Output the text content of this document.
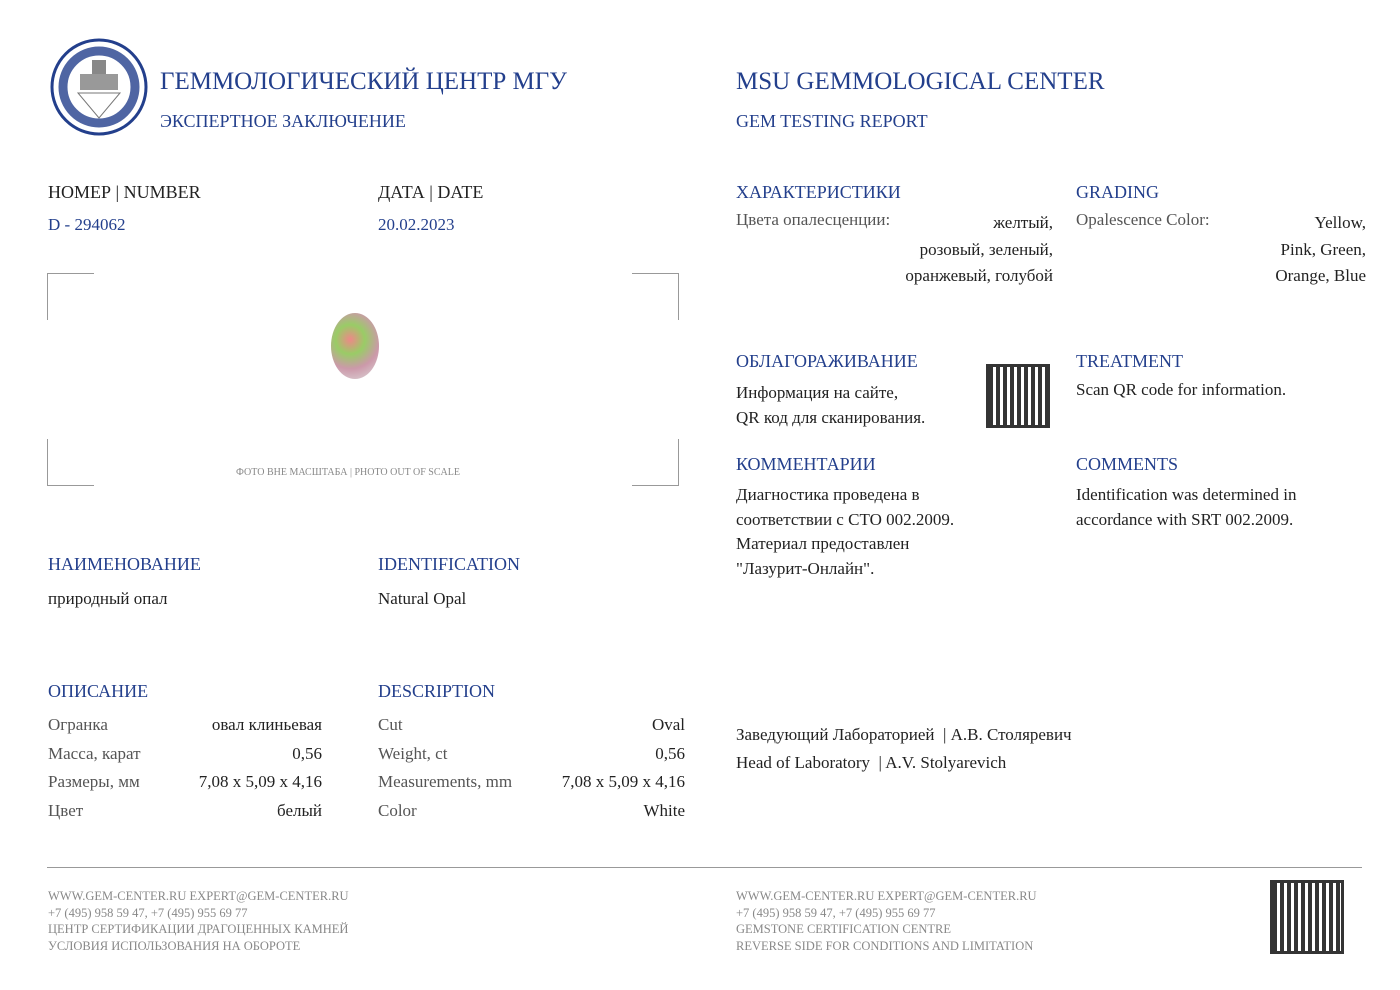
ГЕММОЛОГИЧЕСКИЙ ЦЕНТР МГУ
ЭКСПЕРТНОЕ ЗАКЛЮЧЕНИЕ
MSU GEMMOLOGICAL CENTER
GEM TESTING REPORT
НОМЕР | NUMBER
D - 294062
ДАТА | DATE
20.02.2023
ФОТО ВНЕ МАСШТАБА | PHOTO OUT OF SCALE
НАИМЕНОВАНИЕ
природный опал
IDENTIFICATION
Natural Opal
ОПИСАНИЕ	DESCRIPTION
Огранка	овал клиньевая	Cut	Oval
Масса, карат	0,56	Weight, ct	0,56
Размеры, мм	7,08 x 5,09 x 4,16	Measurements, mm	7,08 x 5,09 x 4,16
Цвет	белый	Color	White
ХАРАКТЕРИСТИКИ
Цвета опалесценции:	желтый,
розовый, зеленый,
оранжевый, голубой
GRADING
Opalescence Color:	Yellow,
Pink, Green,
Orange, Blue
ОБЛАГОРАЖИВАНИЕ
Информация на сайте,
QR код для сканирования.
TREATMENT
Scan QR code for information.
КОММЕНТАРИИ
Диагностика проведена в
соответствии с СТО 002.2009.
Материал предоставлен
"Лазурит-Онлайн".
COMMENTS
Identification was determined in
accordance with SRT 002.2009.
Заведующий Лабораторией  | А.В. Столяревич
Head of Laboratory  | A.V. Stolyarevich
WWW.GEM-CENTER.RU EXPERT@GEM-CENTER.RU
+7 (495) 958 59 47, +7 (495) 955 69 77
ЦЕНТР СЕРТИФИКАЦИИ ДРАГОЦЕННЫХ КАМНЕЙ
УСЛОВИЯ ИСПОЛЬЗОВАНИЯ НА ОБОРОТЕ
WWW.GEM-CENTER.RU EXPERT@GEM-CENTER.RU
+7 (495) 958 59 47, +7 (495) 955 69 77
GEMSTONE CERTIFICATION CENTRE
REVERSE SIDE FOR CONDITIONS AND LIMITATION
